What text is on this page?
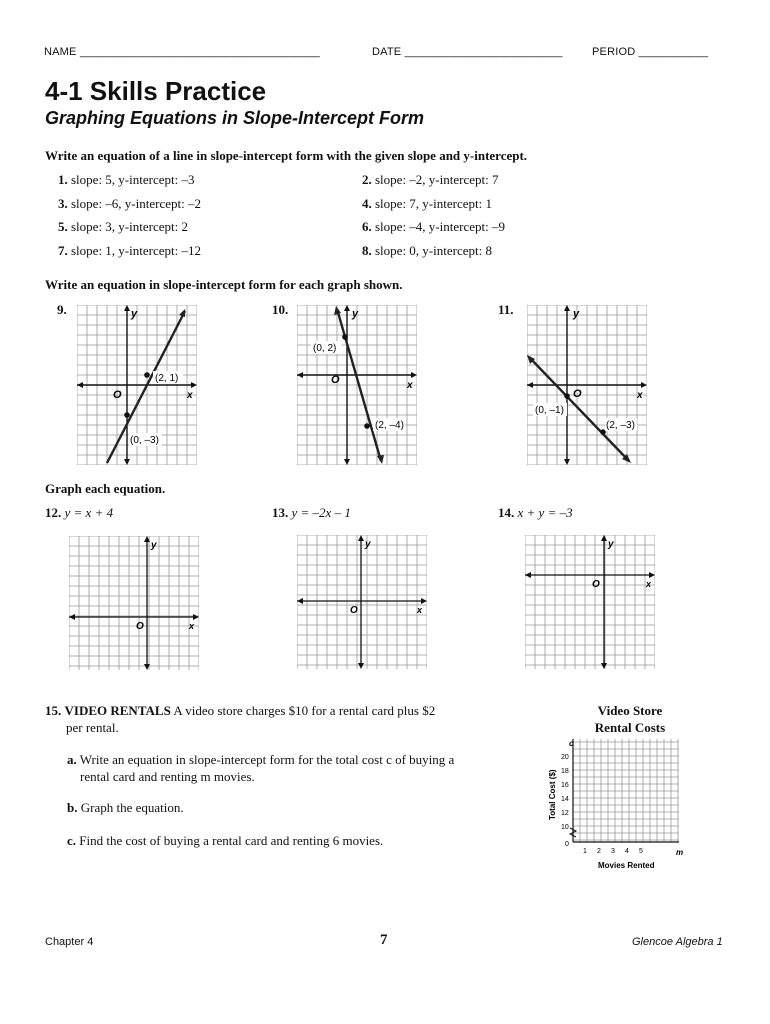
NAME ______________________________________	DATE _________________________	PERIOD ___________
4-1 Skills Practice
Graphing Equations in Slope-Intercept Form
Write an equation of a line in slope-intercept form with the given slope and y-intercept.
1. slope: 5, y-intercept: –3	2. slope: –2, y-intercept: 7
3. slope: –6, y-intercept: –2	4. slope: 7, y-intercept: 1
5. slope: 3, y-intercept: 2	6. slope: –4, y-intercept: –9
7. slope: 1, y-intercept: –12	8. slope: 0, y-intercept: 8
Write an equation in slope-intercept form for each graph shown.
9.	10.	11.
y
x
O
(2, 1)
(0, –3)
y
x
O
(0, 2)
(2, –4)
y
x
O
(0, –1)
(2, –3)
Graph each equation.
12. y = x + 4	13. y = –2x – 1	14. x + y = –3
y
x
O
y
x
O
y
x
O
15. VIDEO RENTALS A video store charges $10 for a rental card plus $2
per rental.
a. Write an equation in slope-intercept form for the total cost c of buying a
rental card and renting m movies.
b. Graph the equation.
c. Find the cost of buying a rental card and renting 6 movies.
Video Store
Rental Costs
c
m
20
18
16
14
12
10
0
1 2 3 4 5
Movies Rented
Total Cost ($)
Chapter 4	7	Glencoe Algebra 1
